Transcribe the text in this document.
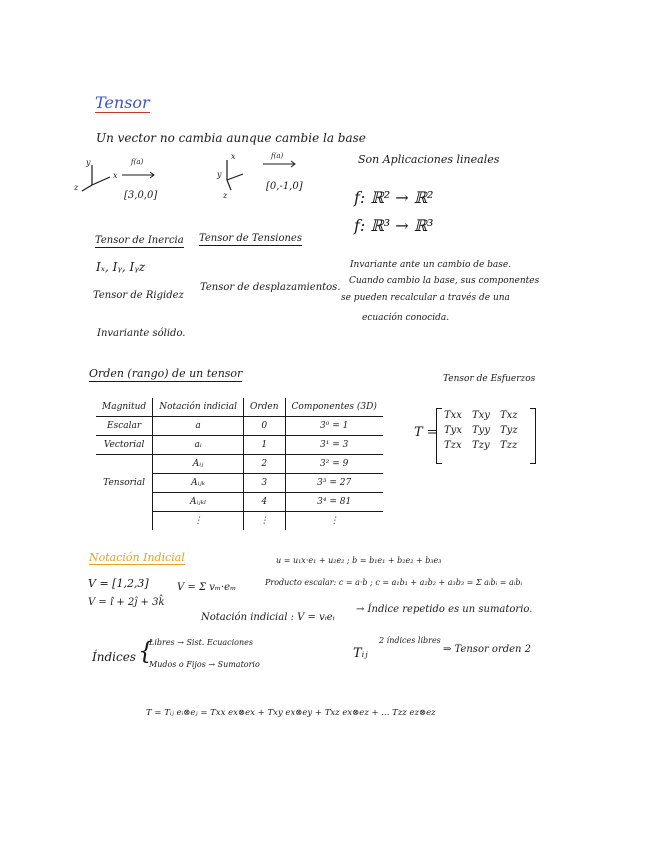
Tensor
Un vector no cambia aunque cambie la base
y
x
z
f(a)
[3,0,0]
x
y
z
f(a)
[0,-1,0]
Son Aplicaciones lineales
f: ℝ² → ℝ²
f: ℝ³ → ℝ³
Tensor de Inercia Tensor de Tensiones
Iₓ, Iᵧ, Iᵧz
Tensor de Rigidez
Tensor de desplazamientos.
Invariante sólido.
Invariante ante un cambio de base.
Cuando cambio la base, sus componentes
se pueden recalcular a través de una
ecuación conocida.
Orden (rango) de un tensor
Magnitud	Notación indicial	Orden	Componentes (3D)
Escalar	a	0	3⁰ = 1
Vectorial	aᵢ	1	3¹ = 3
	Aᵢⱼ	2	3² = 9
Tensorial	Aᵢⱼₖ	3	3³ = 27
	Aᵢⱼₖₗ	4	3⁴ = 81
	⋮	⋮	⋮
Tensor de Esfuerzos
T =
Txx	Txy	Txz
Tyx	Tyy	Tyz
Tzx	Tzy	Tzz
Notación Indicial	u = u₁x·e₁ + u₂e₂ ; b = b₁e₁ + b₂e₂ + b₃e₃
V = [1,2,3]	V = Σ vₘ·eₘ	Producto escalar: c = a·b ; c = a₁b₁ + a₂b₂ + a₃b₃ = Σ aᵢbᵢ = aᵢbᵢ
V = î + 2ĵ + 3k̂
Notación indicial : V = vᵢeᵢ
→ Índice repetido es un sumatorio.
Índices {
Libres → Sist. Ecuaciones
Mudos o Fijos → Sumatorio
Tᵢⱼ
2 índices libres
⇒ Tensor orden 2
T = Tᵢⱼ eᵢ⊗eⱼ = Txx ex⊗ex + Txy ex⊗ey + Txz ex⊗ez + ... Tzz ez⊗ez
